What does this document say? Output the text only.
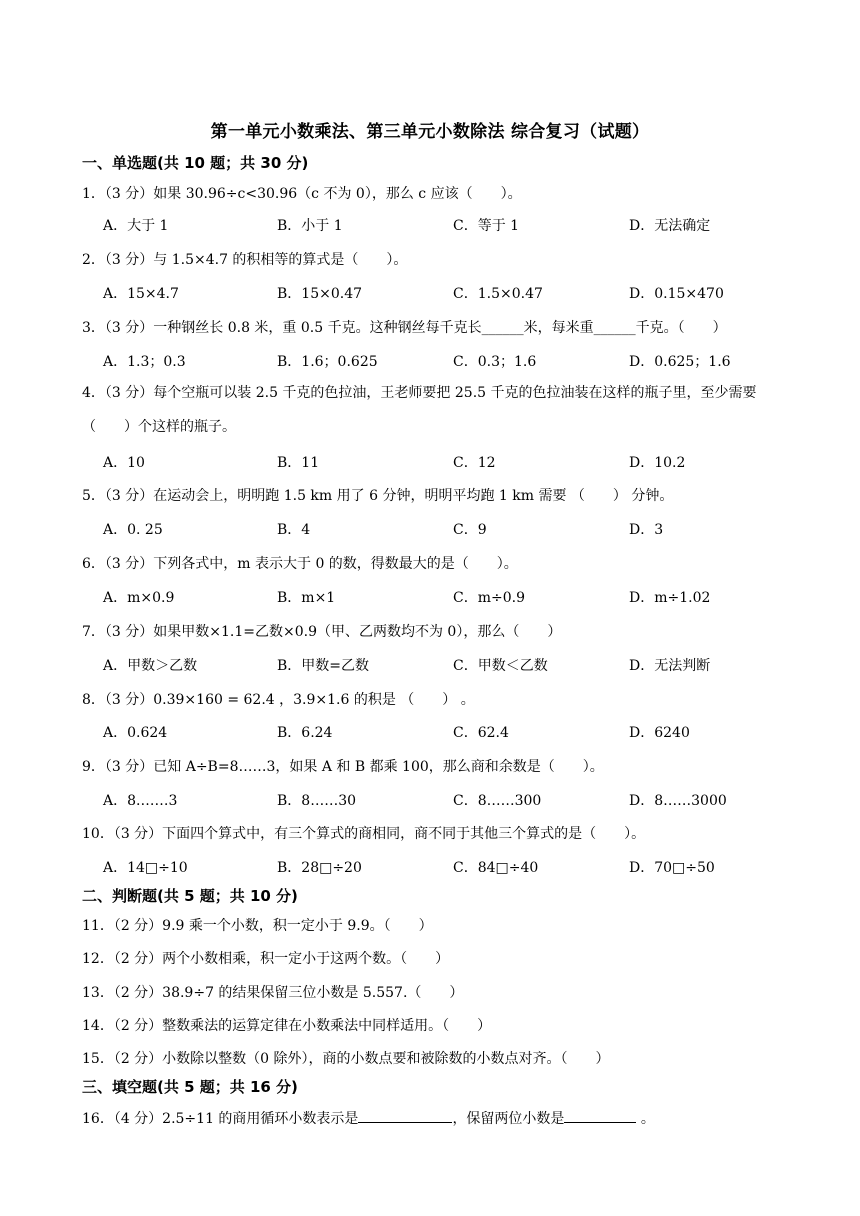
第一单元小数乘法、第三单元小数除法 综合复习（试题）
一、单选题(共 10 题；共 30 分)
1．（3 分）如果 30.96÷c<30.96（c 不为 0），那么 c 应该（　　）。
A．大于 1	B．小于 1	C．等于 1	D．无法确定
2．（3 分）与 1.5×4.7 的积相等的算式是（　　）。
A．15×4.7	B．15×0.47	C．1.5×0.47	D．0.15×470
3．（3 分）一种钢丝长 0.8 米，重 0.5 千克。这种钢丝每千克长______米，每米重______千克。（　　）
A．1.3；0.3	B．1.6；0.625	C．0.3；1.6	D．0.625；1.6
4．（3 分）每个空瓶可以装 2.5 千克的色拉油，王老师要把 25.5 千克的色拉油装在这样的瓶子里，至少需要（　　）个这样的瓶子。
A．10	B．11	C．12	D．10.2
5．（3 分）在运动会上，明明跑 1.5 km 用了 6 分钟，明明平均跑 1 km 需要 （　　） 分钟。
A．0. 25	B．4	C．9	D．3
6．（3 分）下列各式中，m 表示大于 0 的数，得数最大的是（　　）。
A．m×0.9	B．m×1	C．m÷0.9	D．m÷1.02
7．（3 分）如果甲数×1.1=乙数×0.9（甲、乙两数均不为 0），那么（　　）
A．甲数＞乙数	B．甲数=乙数	C．甲数＜乙数	D．无法判断
8．（3 分）0.39×160 = 62.4 ，3.9×1.6 的积是 （　　） 。
A．0.624	B．6.24	C．62.4	D．6240
9．（3 分）已知 A÷B=8……3，如果 A 和 B 都乘 100，那么商和余数是（　　）。
A．8.……3	B．8……30	C．8……300	D．8……3000
10．（3 分）下面四个算式中，有三个算式的商相同，商不同于其他三个算式的是（　　）。
A．14□÷10	B．28□÷20	C．84□÷40	D．70□÷50
二、判断题(共 5 题；共 10 分)
11．（2 分）9.9 乘一个小数，积一定小于 9.9。（　　）
12．（2 分）两个小数相乘，积一定小于这两个数。（　　）
13．（2 分）38.9÷7 的结果保留三位小数是 5.557.（　　）
14．（2 分）整数乘法的运算定律在小数乘法中同样适用。（　　）
15．（2 分）小数除以整数（0 除外），商的小数点要和被除数的小数点对齐。（　　）
三、填空题(共 5 题；共 16 分)
16．（4 分）2.5÷11 的商用循环小数表示是	，保留两位小数是	。
